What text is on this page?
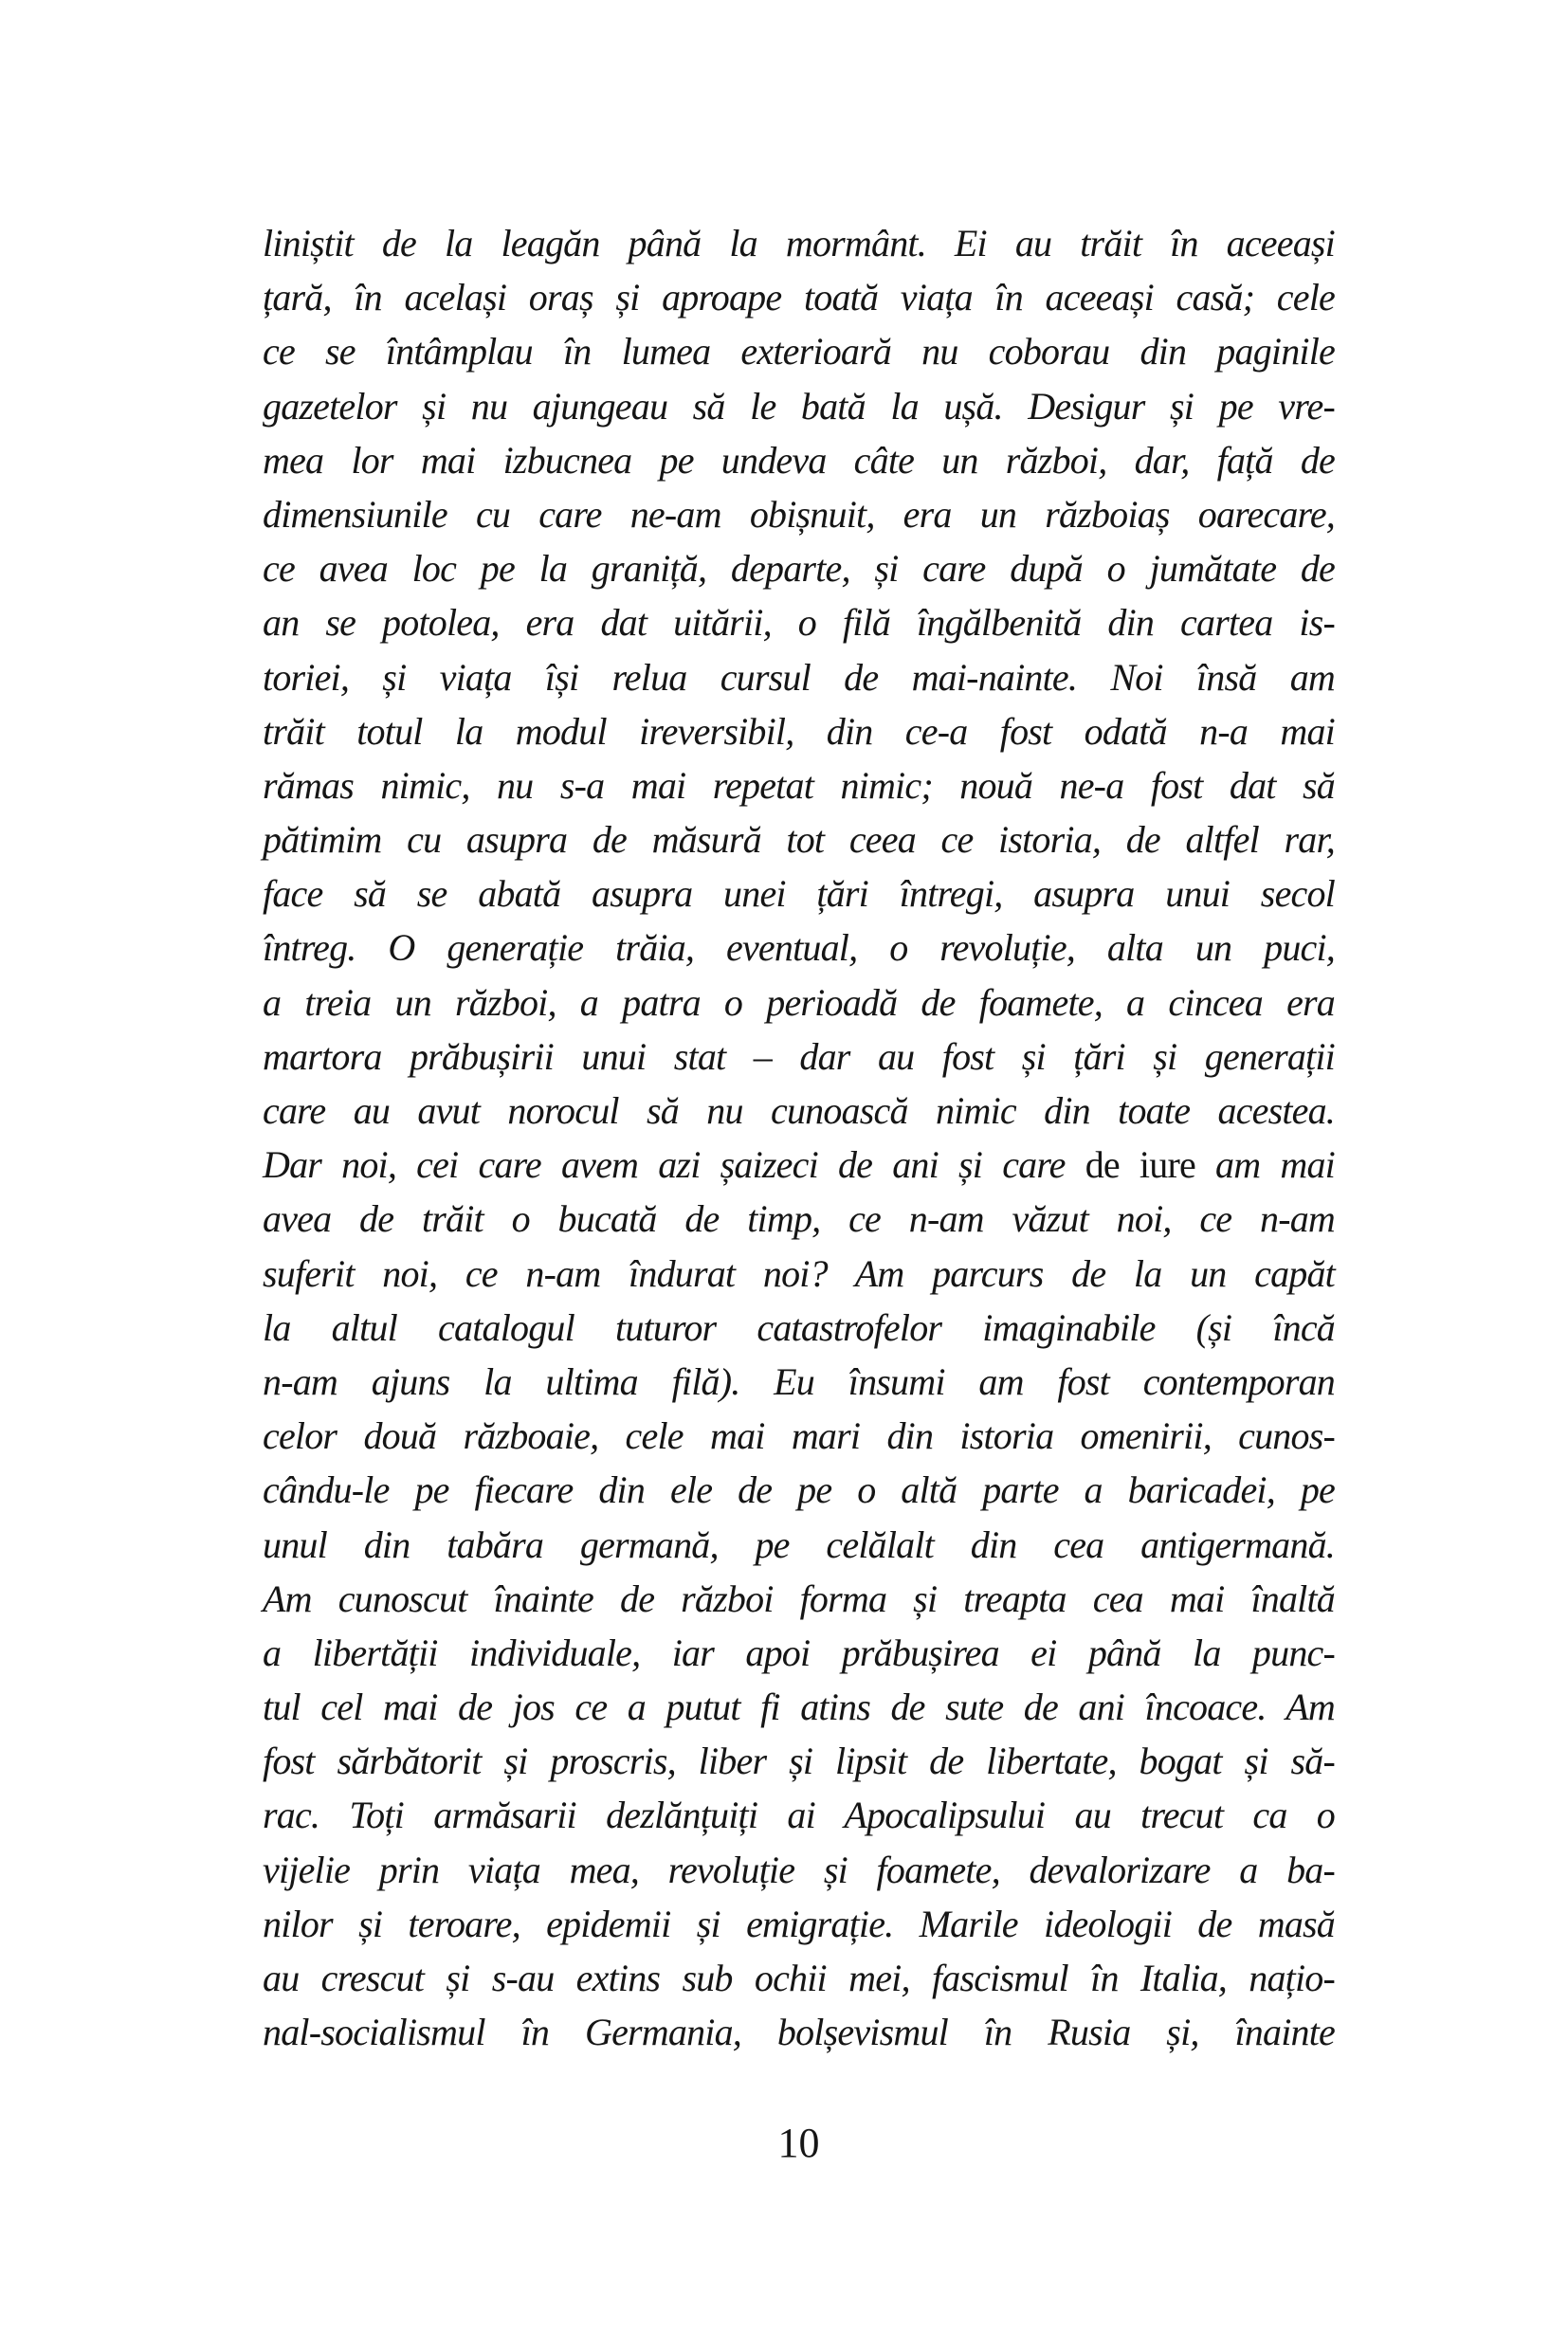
liniștit de la leagăn până la mormânt. Ei au trăit în aceeași

țară, în același oraș și aproape toată viața în aceeași casă; cele

ce se întâmplau în lumea exterioară nu coborau din paginile

gazetelor și nu ajungeau să le bată la ușă. Desigur și pe vre-

mea lor mai izbucnea pe undeva câte un război, dar, față de

dimensiunile cu care ne-am obișnuit, era un războiaș oarecare,

ce avea loc pe la graniță, departe, și care după o jumătate de

an se potolea, era dat uitării, o filă îngălbenită din cartea is-

toriei, și viața își relua cursul de mai-nainte. Noi însă am

trăit totul la modul ireversibil, din ce-a fost odată n-a mai

rămas nimic, nu s-a mai repetat nimic; nouă ne-a fost dat să

pătimim cu asupra de măsură tot ceea ce istoria, de altfel rar,

face să se abată asupra unei țări întregi, asupra unui secol

întreg. O generație trăia, eventual, o revoluție, alta un puci,

a treia un război, a patra o perioadă de foamete, a cincea era

martora prăbușirii unui stat – dar au fost și țări și generații

care au avut norocul să nu cunoască nimic din toate acestea.

Dar noi, cei care avem azi șaizeci de ani și care de iure am mai

avea de trăit o bucată de timp, ce n-am văzut noi, ce n-am

suferit noi, ce n-am îndurat noi? Am parcurs de la un capăt

la altul catalogul tuturor catastrofelor imaginabile (și încă

n-am ajuns la ultima filă). Eu însumi am fost contemporan

celor două războaie, cele mai mari din istoria omenirii, cunos-

cându-le pe fiecare din ele de pe o altă parte a baricadei, pe

unul din tabăra germană, pe celălalt din cea antigermană.

Am cunoscut înainte de război forma și treapta cea mai înaltă

a libertății individuale, iar apoi prăbușirea ei până la punc-

tul cel mai de jos ce a putut fi atins de sute de ani încoace. Am

fost sărbătorit și proscris, liber și lipsit de libertate, bogat și să-

rac. Toți armăsarii dezlănțuiți ai Apocalipsului au trecut ca o

vijelie prin viața mea, revoluție și foamete, devalorizare a ba-

nilor și teroare, epidemii și emigrație. Marile ideologii de masă

au crescut și s-au extins sub ochii mei, fascismul în Italia, națio-

nal-socialismul în Germania, bolșevismul în Rusia și, înainte

10
